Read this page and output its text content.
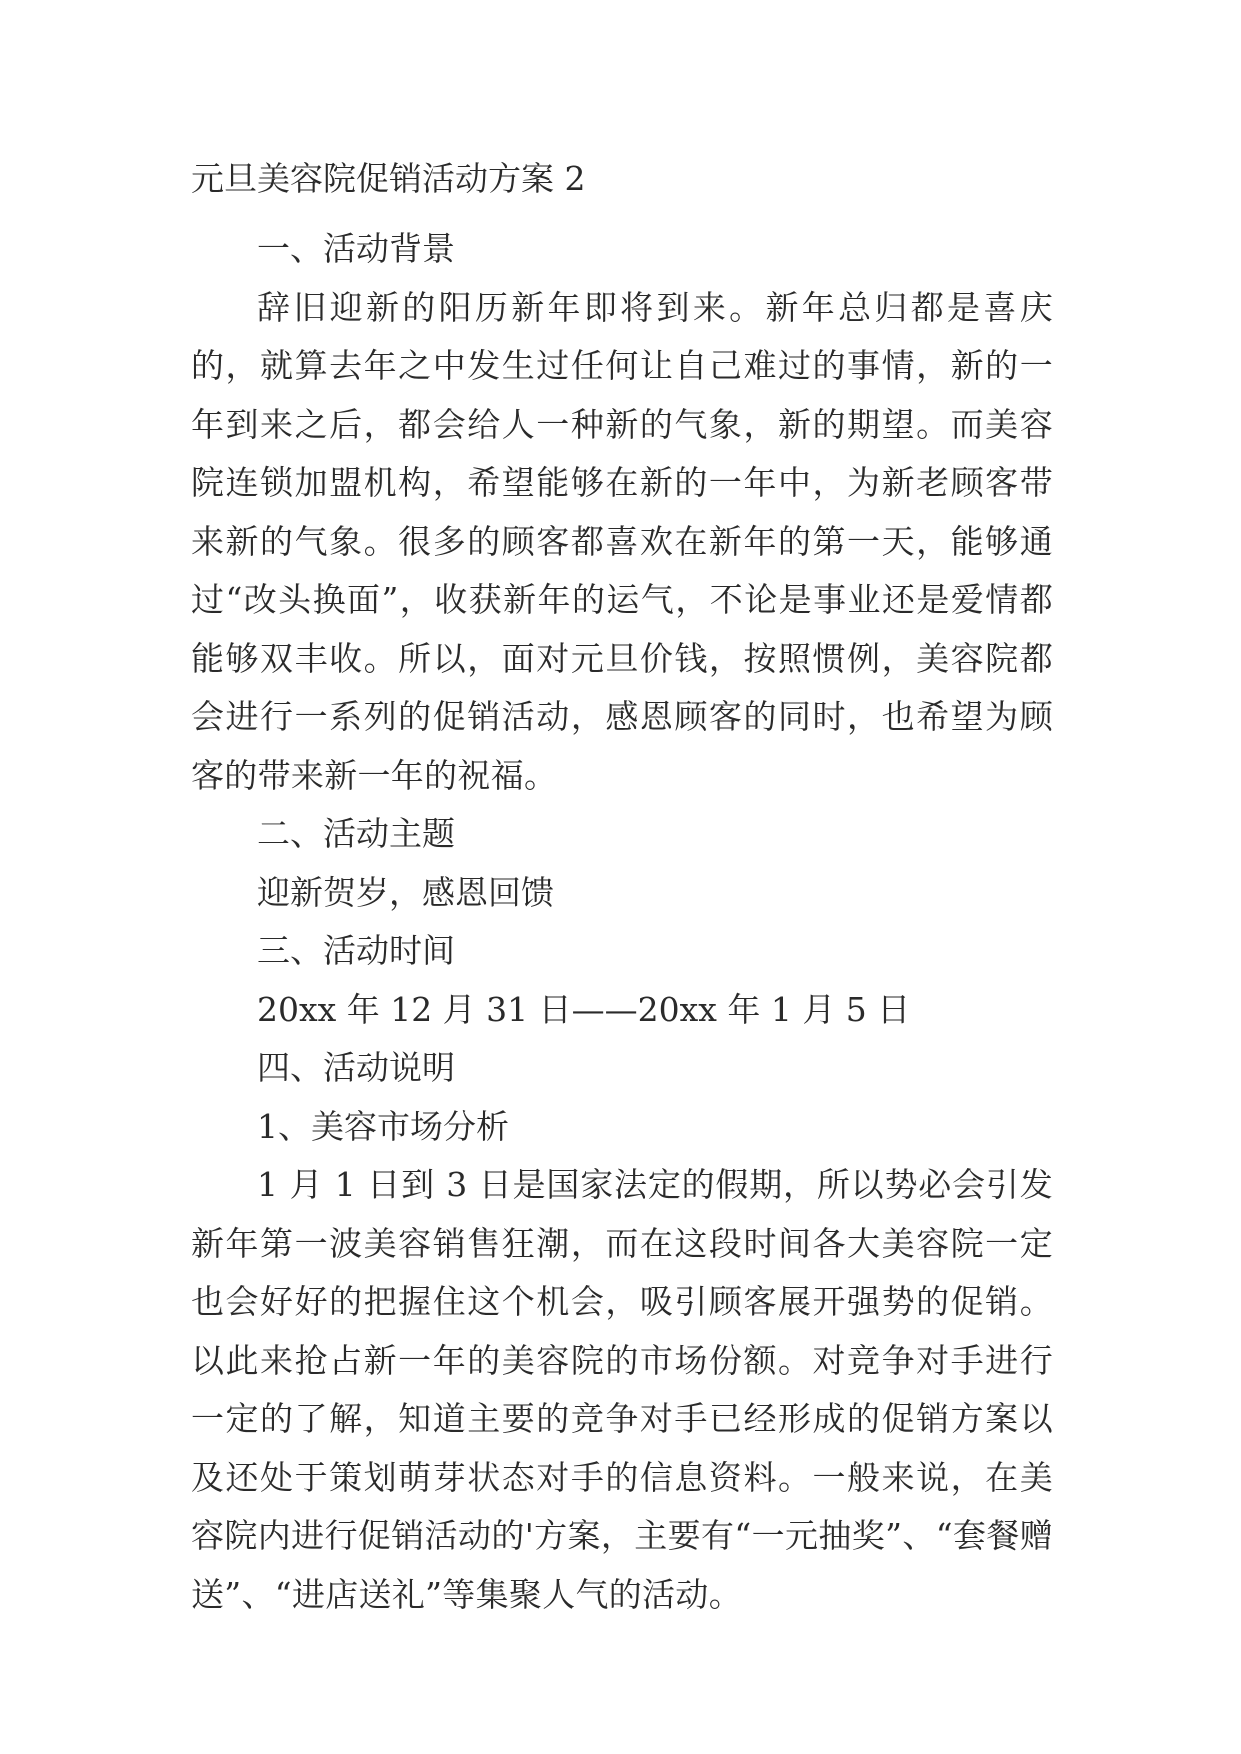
元旦美容院促销活动方案 2
一、活动背景

辞旧迎新的阳历新年即将到来。新年总归都是喜庆的，就算去年之中发生过任何让自己难过的事情，新的一年到来之后，都会给人一种新的气象，新的期望。而美容院连锁加盟机构，希望能够在新的一年中，为新老顾客带来新的气象。很多的顾客都喜欢在新年的第一天，能够通过“改头换面”，收获新年的运气，不论是事业还是爱情都能够双丰收。所以，面对元旦价钱，按照惯例，美容院都会进行一系列的促销活动，感恩顾客的同时，也希望为顾客的带来新一年的祝福。

二、活动主题
迎新贺岁，感恩回馈
三、活动时间
20xx 年 12 月 31 日——20xx 年 1 月 5 日
四、活动说明
1、美容市场分析

1 月 1 日到 3 日是国家法定的假期，所以势必会引发新年第一波美容销售狂潮，而在这段时间各大美容院一定也会好好的把握住这个机会，吸引顾客展开强势的促销。以此来抢占新一年的美容院的市场份额。对竞争对手进行一定的了解，知道主要的竞争对手已经形成的促销方案以及还处于策划萌芽状态对手的信息资料。一般来说，在美容院内进行促销活动的'方案，主要有“一元抽奖”、“套餐赠送”、“进店送礼”等集聚人气的活动。
